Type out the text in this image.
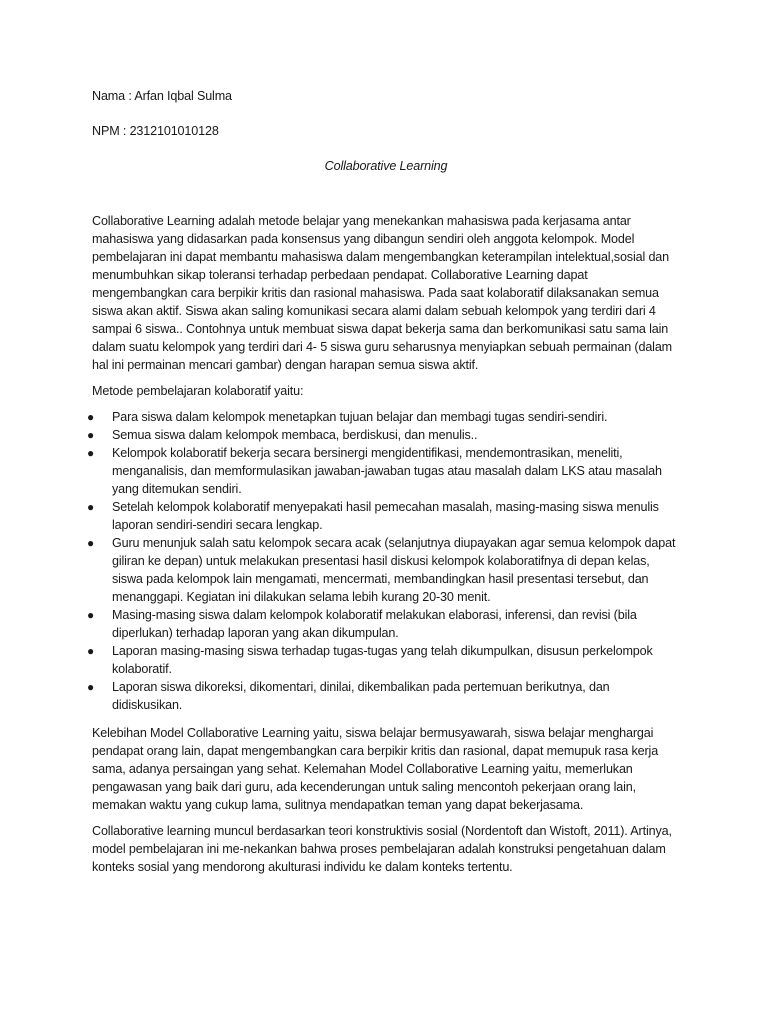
Nama : Arfan Iqbal Sulma
NPM : 2312101010128
Collaborative Learning

Collaborative Learning adalah metode belajar yang menekankan mahasiswa pada kerjasama antar mahasiswa yang didasarkan pada konsensus yang dibangun sendiri oleh anggota kelompok. Model pembelajaran ini dapat membantu mahasiswa dalam mengembangkan keterampilan intelektual,sosial dan menumbuhkan sikap toleransi terhadap perbedaan pendapat. Collaborative Learning dapat mengembangkan cara berpikir kritis dan rasional mahasiswa. Pada saat kolaboratif dilaksanakan semua siswa akan aktif. Siswa akan saling komunikasi secara alami dalam sebuah kelompok yang terdiri dari 4 sampai 6 siswa.. Contohnya untuk membuat siswa dapat bekerja sama dan berkomunikasi satu sama lain dalam suatu kelompok yang terdiri dari 4- 5 siswa guru seharusnya menyiapkan sebuah permainan (dalam hal ini permainan mencari gambar) dengan harapan semua siswa aktif.

Metode pembelajaran kolaboratif yaitu:

● Para siswa dalam kelompok menetapkan tujuan belajar dan membagi tugas sendiri-sendiri.
● Semua siswa dalam kelompok membaca, berdiskusi, dan menulis..
● Kelompok kolaboratif bekerja secara bersinergi mengidentifikasi, mendemontrasikan, meneliti, menganalisis, dan memformulasikan jawaban-jawaban tugas atau masalah dalam LKS atau masalah yang ditemukan sendiri.
● Setelah kelompok kolaboratif menyepakati hasil pemecahan masalah, masing-masing siswa menulis laporan sendiri-sendiri secara lengkap.
● Guru menunjuk salah satu kelompok secara acak (selanjutnya diupayakan agar semua kelompok dapat giliran ke depan) untuk melakukan presentasi hasil diskusi kelompok kolaboratifnya di depan kelas, siswa pada kelompok lain mengamati, mencermati, membandingkan hasil presentasi tersebut, dan menanggapi. Kegiatan ini dilakukan selama lebih kurang 20-30 menit.
● Masing-masing siswa dalam kelompok kolaboratif melakukan elaborasi, inferensi, dan revisi (bila diperlukan) terhadap laporan yang akan dikumpulan.
● Laporan masing-masing siswa terhadap tugas-tugas yang telah dikumpulkan, disusun perkelompok kolaboratif.
● Laporan siswa dikoreksi, dikomentari, dinilai, dikembalikan pada pertemuan berikutnya, dan didiskusikan.

Kelebihan Model Collaborative Learning yaitu, siswa belajar bermusyawarah, siswa belajar menghargai pendapat orang lain, dapat mengembangkan cara berpikir kritis dan rasional, dapat memupuk rasa kerja sama, adanya persaingan yang sehat. Kelemahan Model Collaborative Learning yaitu, memerlukan pengawasan yang baik dari guru, ada kecenderungan untuk saling mencontoh pekerjaan orang lain, memakan waktu yang cukup lama, sulitnya mendapatkan teman yang dapat bekerjasama.

Collaborative learning muncul berdasarkan teori konstruktivis sosial (Nordentoft dan Wistoft, 2011). Artinya, model pembelajaran ini me-nekankan bahwa proses pembelajaran adalah konstruksi pengetahuan dalam konteks sosial yang mendorong akulturasi individu ke dalam konteks tertentu.
